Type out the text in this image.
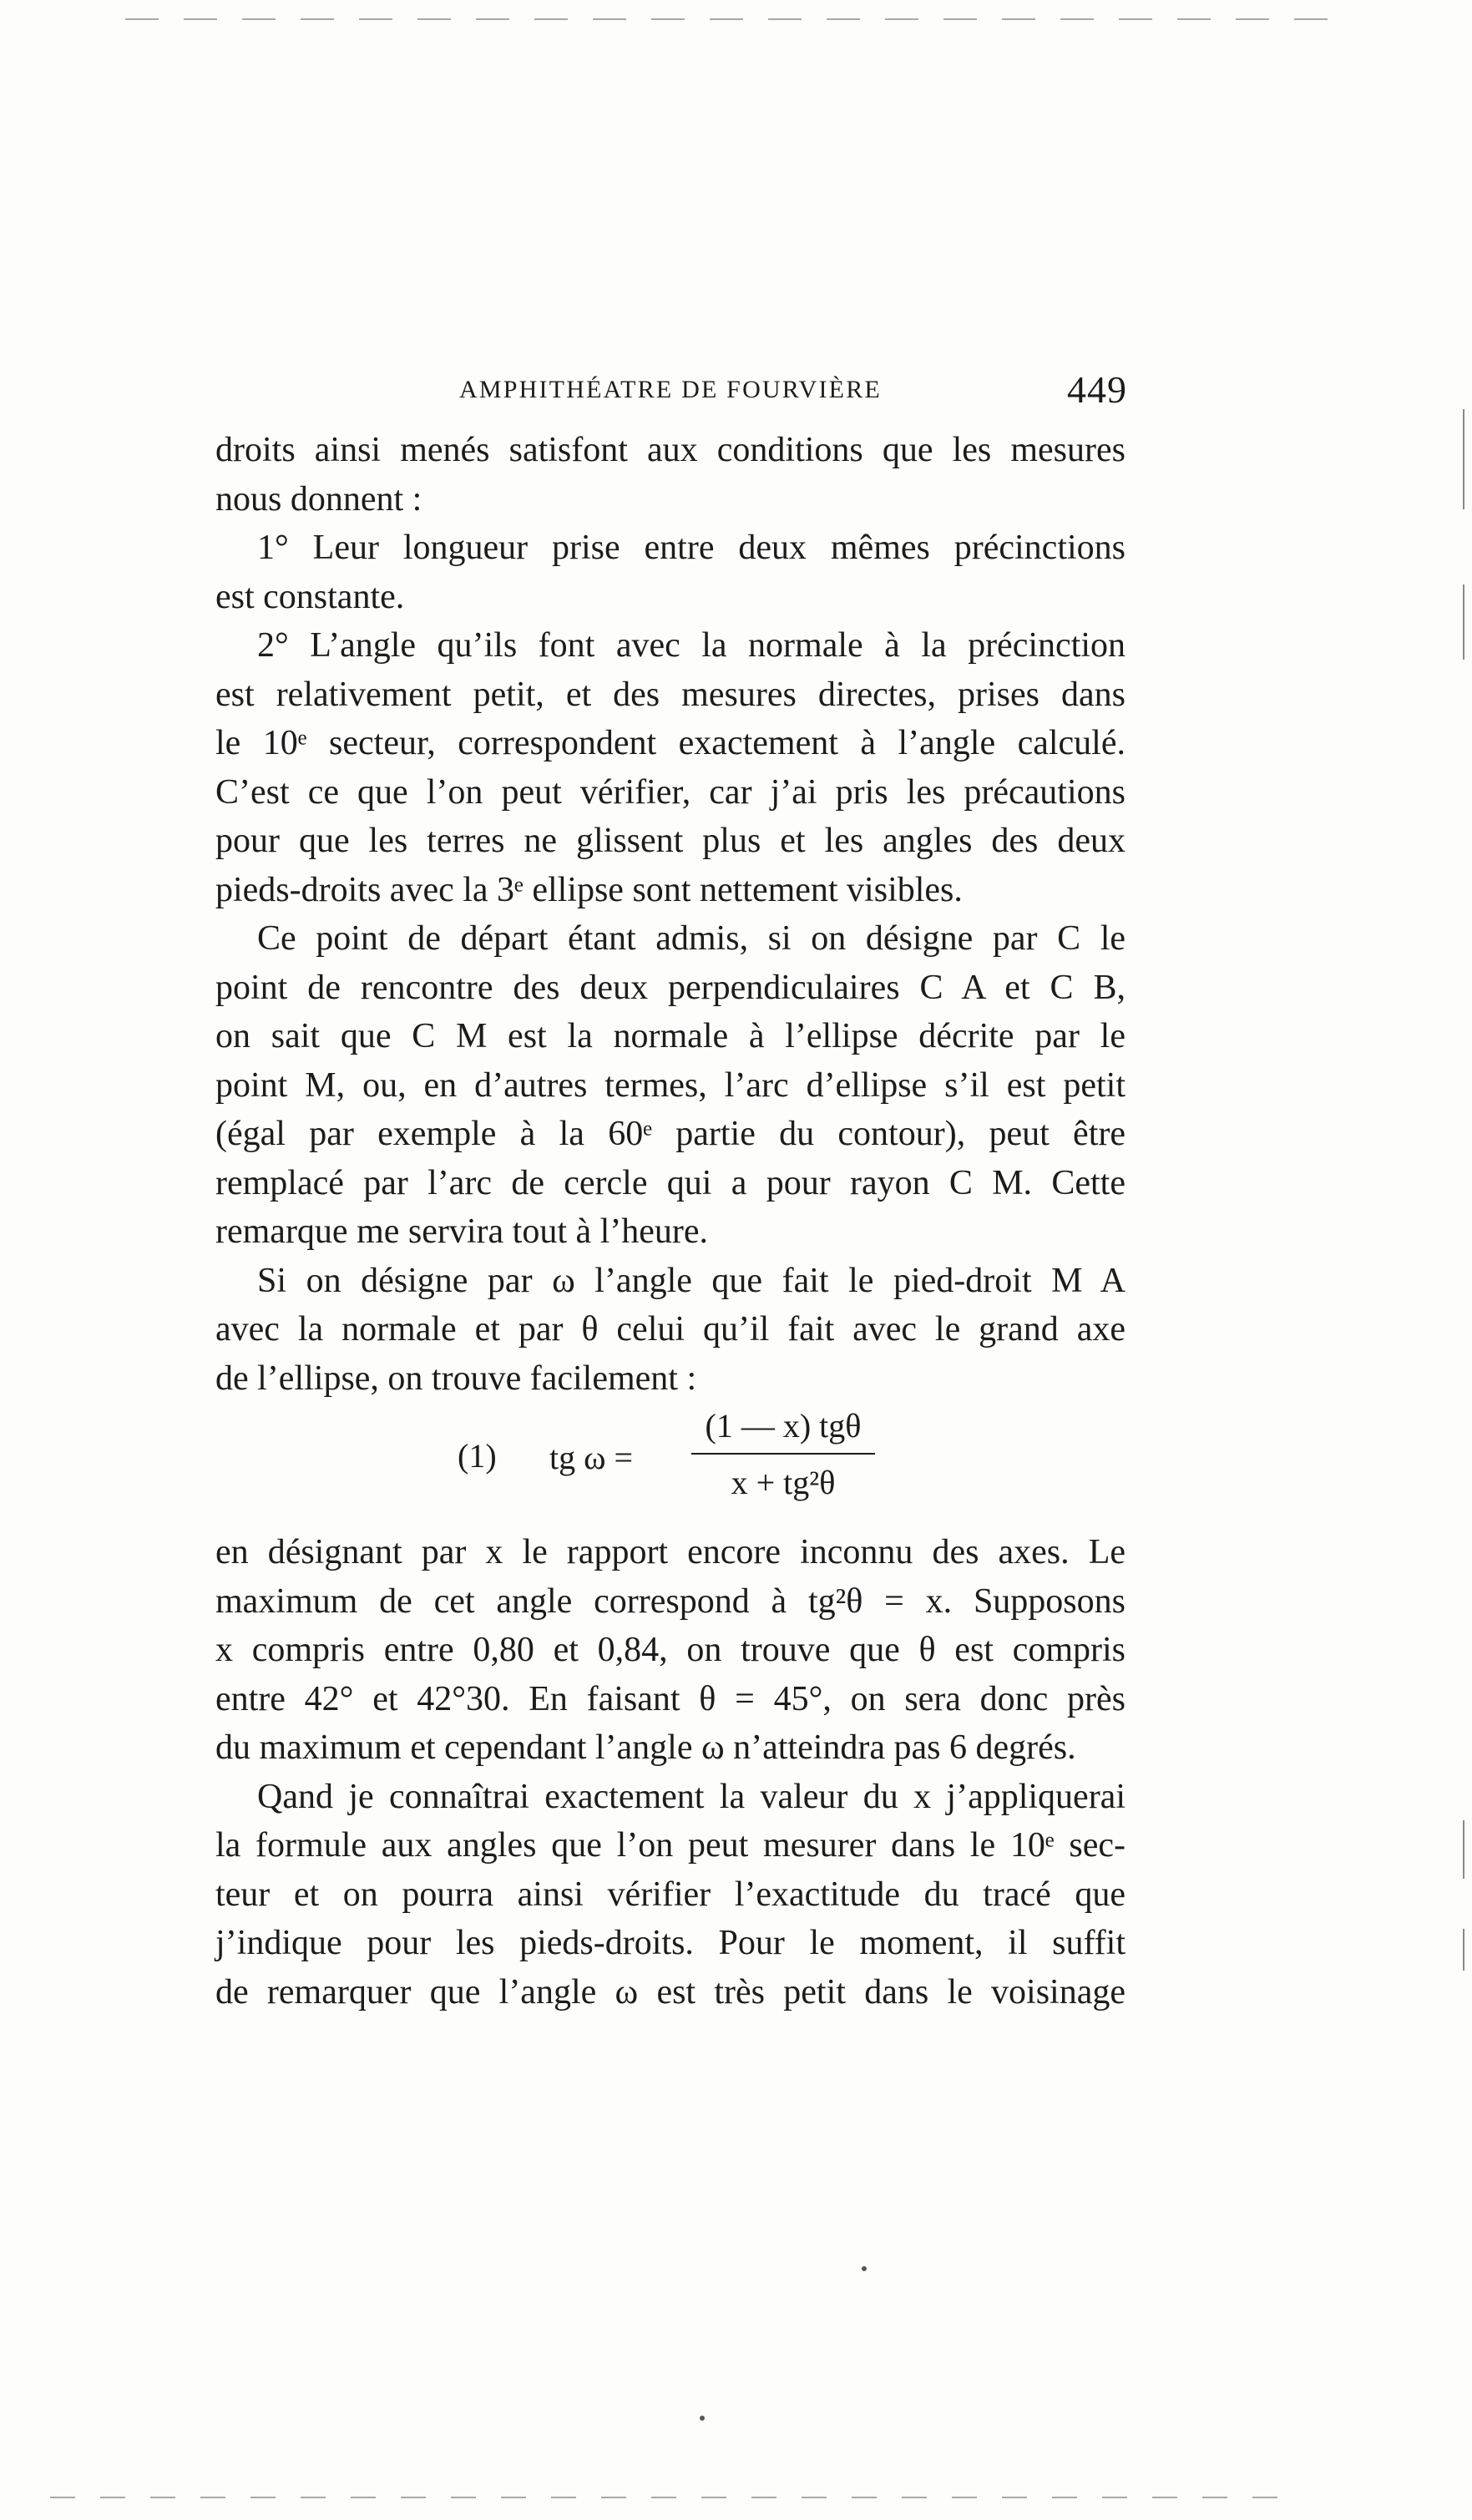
AMPHITHÉATRE DE FOURVIÈRE	449
droits ainsi menés satisfont aux conditions que les mesures
nous donnent :
1° Leur longueur prise entre deux mêmes précinctions
est constante.
2° L’angle qu’ils font avec la normale à la précinction
est relativement petit, et des mesures directes, prises dans
le 10ᵉ secteur, correspondent exactement à l’angle calculé.
C’est ce que l’on peut vérifier, car j’ai pris les précautions
pour que les terres ne glissent plus et les angles des deux
pieds-droits avec la 3ᵉ ellipse sont nettement visibles.
Ce point de départ étant admis, si on désigne par C le
point de rencontre des deux perpendiculaires C A et C B,
on sait que C M est la normale à l’ellipse décrite par le
point M, ou, en d’autres termes, l’arc d’ellipse s’il est petit
(égal par exemple à la 60ᵉ partie du contour), peut être
remplacé par l’arc de cercle qui a pour rayon C M. Cette
remarque me servira tout à l’heure.
Si on désigne par ω l’angle que fait le pied-droit M A
avec la normale et par θ celui qu’il fait avec le grand axe
de l’ellipse, on trouve facilement :
(1) tg ω =
(1 — x) tgθ
x + tg²θ
en désignant par x le rapport encore inconnu des axes. Le
maximum de cet angle correspond à tg²θ = x. Supposons
x compris entre 0,80 et 0,84, on trouve que θ est compris
entre 42° et 42°30. En faisant θ = 45°, on sera donc près
du maximum et cependant l’angle ω n’atteindra pas 6 degrés.
Qand je connaîtrai exactement la valeur du x j’appliquerai
la formule aux angles que l’on peut mesurer dans le 10ᵉ sec-
teur et on pourra ainsi vérifier l’exactitude du tracé que
j’indique pour les pieds-droits. Pour le moment, il suffit
de remarquer que l’angle ω est très petit dans le voisinage
